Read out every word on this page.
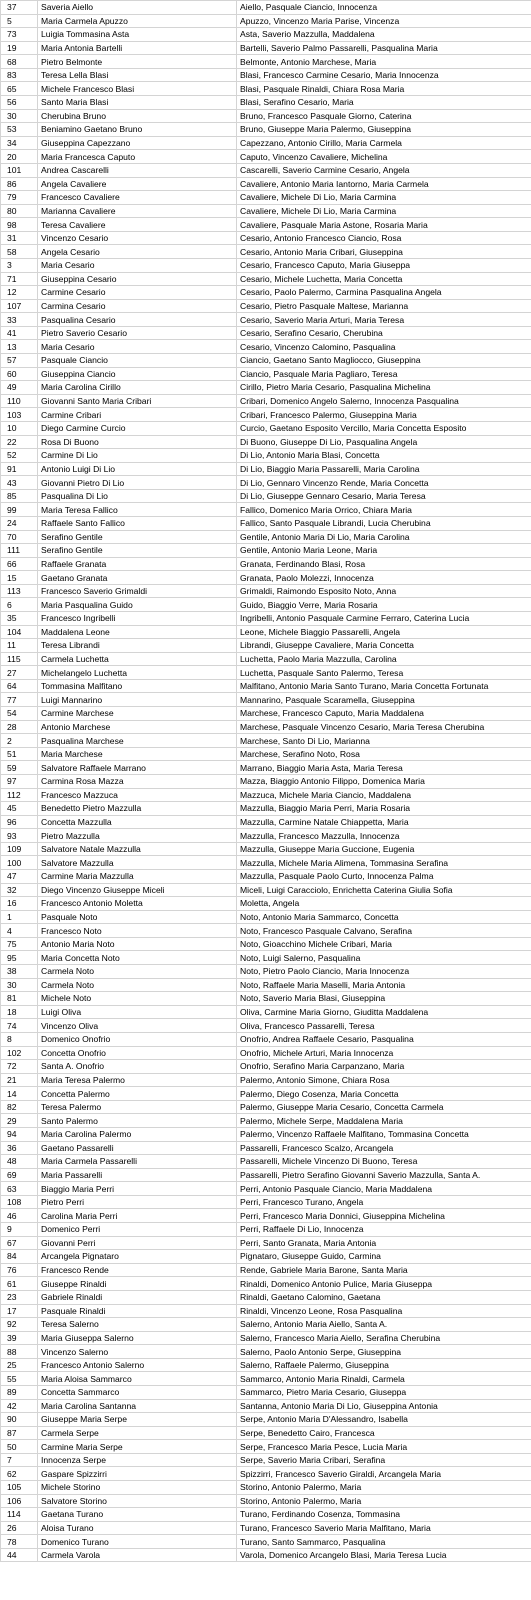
37	Saveria Aiello	Aiello, Pasquale Ciancio, Innocenza
5	Maria Carmela Apuzzo	Apuzzo, Vincenzo Maria Parise, Vincenza
73	Luigia Tommasina Asta	Asta, Saverio Mazzulla, Maddalena
19	Maria Antonia Bartelli	Bartelli, Saverio Palmo Passarelli, Pasqualina Maria
68	Pietro Belmonte	Belmonte, Antonio Marchese, Maria
83	Teresa Lella Blasi	Blasi, Francesco Carmine Cesario, Maria Innocenza
65	Michele Francesco Blasi	Blasi, Pasquale Rinaldi, Chiara Rosa Maria
56	Santo Maria Blasi	Blasi, Serafino Cesario, Maria
30	Cherubina Bruno	Bruno, Francesco Pasquale Giorno, Caterina
53	Beniamino Gaetano Bruno	Bruno, Giuseppe Maria Palermo, Giuseppina
34	Giuseppina Capezzano	Capezzano, Antonio Cirillo, Maria Carmela
20	Maria Francesca Caputo	Caputo, Vincenzo Cavaliere, Michelina
101	Andrea Cascarelli	Cascarelli, Saverio Carmine Cesario, Angela
86	Angela Cavaliere	Cavaliere, Antonio Maria Iantorno, Maria Carmela
79	Francesco Cavaliere	Cavaliere, Michele Di Lio, Maria Carmina
80	Marianna Cavaliere	Cavaliere, Michele Di Lio, Maria Carmina
98	Teresa Cavaliere	Cavaliere, Pasquale Maria Astone, Rosaria Maria
31	Vincenzo Cesario	Cesario, Antonio Francesco Ciancio, Rosa
58	Angela Cesario	Cesario, Antonio Maria Cribari, Giuseppina
3	Maria Cesario	Cesario, Francesco Caputo, Maria Giuseppa
71	Giuseppina Cesario	Cesario, Michele Luchetta, Maria Concetta
12	Carmine Cesario	Cesario, Paolo Palermo, Carmina Pasqualina Angela
107	Carmina Cesario	Cesario, Pietro Pasquale Maltese, Marianna
33	Pasqualina Cesario	Cesario, Saverio Maria Arturi, Maria Teresa
41	Pietro Saverio Cesario	Cesario, Serafino Cesario, Cherubina
13	Maria Cesario	Cesario, Vincenzo Calomino, Pasqualina
57	Pasquale Ciancio	Ciancio, Gaetano Santo Magliocco, Giuseppina
60	Giuseppina Ciancio	Ciancio, Pasquale Maria Pagliaro, Teresa
49	Maria Carolina Cirillo	Cirillo, Pietro Maria Cesario, Pasqualina Michelina
110	Giovanni Santo Maria Cribari	Cribari, Domenico Angelo Salerno, Innocenza Pasqualina
103	Carmine Cribari	Cribari, Francesco Palermo, Giuseppina Maria
10	Diego Carmine Curcio	Curcio, Gaetano Esposito Vercillo, Maria Concetta Esposito
22	Rosa Di Buono	Di Buono, Giuseppe Di Lio, Pasqualina Angela
52	Carmine Di Lio	Di Lio, Antonio Maria Blasi, Concetta
91	Antonio Luigi Di Lio	Di Lio, Biaggio Maria Passarelli, Maria Carolina
43	Giovanni Pietro Di Lio	Di Lio, Gennaro Vincenzo Rende, Maria Concetta
85	Pasqualina Di Lio	Di Lio, Giuseppe Gennaro Cesario, Maria Teresa
99	Maria Teresa Fallico	Fallico, Domenico Maria Orrico, Chiara Maria
24	Raffaele Santo Fallico	Fallico, Santo Pasquale Librandi, Lucia Cherubina
70	Serafino Gentile	Gentile, Antonio Maria Di Lio, Maria Carolina
111	Serafino Gentile	Gentile, Antonio Maria Leone, Maria
66	Raffaele Granata	Granata, Ferdinando Blasi, Rosa
15	Gaetano Granata	Granata, Paolo Molezzi, Innocenza
113	Francesco Saverio Grimaldi	Grimaldi, Raimondo Esposito Noto, Anna
6	Maria Pasqualina Guido	Guido, Biaggio Verre, Maria Rosaria
35	Francesco Ingribelli	Ingribelli, Antonio Pasquale Carmine Ferraro, Caterina Lucia
104	Maddalena Leone	Leone, Michele Biaggio Passarelli, Angela
11	Teresa Librandi	Librandi, Giuseppe Cavaliere, Maria Concetta
115	Carmela Luchetta	Luchetta, Paolo Maria Mazzulla, Carolina
27	Michelangelo Luchetta	Luchetta, Pasquale Santo Palermo, Teresa
64	Tommasina Malfitano	Malfitano, Antonio Maria Santo Turano, Maria Concetta Fortunata
77	Luigi Mannarino	Mannarino, Pasquale Scaramella, Giuseppina
54	Carmine Marchese	Marchese, Francesco Caputo, Maria Maddalena
28	Antonio Marchese	Marchese, Pasquale Vincenzo Cesario, Maria Teresa Cherubina
2	Pasqualina Marchese	Marchese, Santo Di Lio, Marianna
51	Maria Marchese	Marchese, Serafino Noto, Rosa
59	Salvatore Raffaele Marrano	Marrano, Biaggio Maria Asta, Maria Teresa
97	Carmina Rosa Mazza	Mazza, Biaggio Antonio Filippo, Domenica Maria
112	Francesco Mazzuca	Mazzuca, Michele Maria Ciancio, Maddalena
45	Benedetto Pietro Mazzulla	Mazzulla, Biaggio Maria Perri, Maria Rosaria
96	Concetta Mazzulla	Mazzulla, Carmine Natale Chiappetta, Maria
93	Pietro Mazzulla	Mazzulla, Francesco Mazzulla, Innocenza
109	Salvatore Natale Mazzulla	Mazzulla, Giuseppe Maria Guccione, Eugenia
100	Salvatore Mazzulla	Mazzulla, Michele Maria Alimena, Tommasina Serafina
47	Carmine Maria Mazzulla	Mazzulla, Pasquale Paolo Curto, Innocenza Palma
32	Diego Vincenzo Giuseppe Miceli	Miceli, Luigi Caracciolo, Enrichetta Caterina Giulia Sofia
16	Francesco Antonio Moletta	Moletta, Angela
1	Pasquale Noto	Noto, Antonio Maria Sammarco, Concetta
4	Francesco Noto	Noto, Francesco Pasquale Calvano, Serafina
75	Antonio Maria Noto	Noto, Gioacchino Michele Cribari, Maria
95	Maria Concetta Noto	Noto, Luigi Salerno, Pasqualina
38	Carmela Noto	Noto, Pietro Paolo Ciancio, Maria Innocenza
30	Carmela Noto	Noto, Raffaele Maria Maselli, Maria Antonia
81	Michele Noto	Noto, Saverio Maria Blasi, Giuseppina
18	Luigi Oliva	Oliva, Carmine Maria Giorno, Giuditta Maddalena
74	Vincenzo Oliva	Oliva, Francesco Passarelli, Teresa
8	Domenico Onofrio	Onofrio, Andrea Raffaele Cesario, Pasqualina
102	Concetta Onofrio	Onofrio, Michele Arturi, Maria Innocenza
72	Santa A. Onofrio	Onofrio, Serafino Maria Carpanzano, Maria
21	Maria Teresa Palermo	Palermo, Antonio Simone, Chiara Rosa
14	Concetta Palermo	Palermo, Diego Cosenza, Maria Concetta
82	Teresa Palermo	Palermo, Giuseppe Maria Cesario, Concetta Carmela
29	Santo Palermo	Palermo, Michele Serpe, Maddalena Maria
94	Maria Carolina Palermo	Palermo, Vincenzo Raffaele Malfitano, Tommasina Concetta
36	Gaetano Passarelli	Passarelli, Francesco Scalzo, Arcangela
48	Maria Carmela Passarelli	Passarelli, Michele Vincenzo Di Buono, Teresa
69	Maria Passarelli	Passarelli, Pietro Serafino Giovanni Saverio Mazzulla, Santa A.
63	Biaggio Maria Perri	Perri, Antonio Pasquale Ciancio, Maria Maddalena
108	Pietro Perri	Perri, Francesco Turano, Angela
46	Carolina Maria Perri	Perri, Francesco Maria Donnici, Giuseppina Michelina
9	Domenico Perri	Perri, Raffaele Di Lio, Innocenza
67	Giovanni Perri	Perri, Santo Granata, Maria Antonia
84	Arcangela Pignataro	Pignataro, Giuseppe Guido, Carmina
76	Francesco Rende	Rende, Gabriele Maria Barone, Santa Maria
61	Giuseppe Rinaldi	Rinaldi, Domenico Antonio Pulice, Maria Giuseppa
23	Gabriele Rinaldi	Rinaldi, Gaetano Calomino, Gaetana
17	Pasquale Rinaldi	Rinaldi, Vincenzo Leone, Rosa Pasqualina
92	Teresa Salerno	Salerno, Antonio Maria Aiello, Santa A.
39	Maria Giuseppa Salerno	Salerno, Francesco Maria Aiello, Serafina Cherubina
88	Vincenzo Salerno	Salerno, Paolo Antonio Serpe, Giuseppina
25	Francesco Antonio Salerno	Salerno, Raffaele Palermo, Giuseppina
55	Maria Aloisa Sammarco	Sammarco, Antonio Maria Rinaldi, Carmela
89	Concetta Sammarco	Sammarco, Pietro Maria Cesario, Giuseppa
42	Maria Carolina Santanna	Santanna, Antonio Maria Di Lio, Giuseppina Antonia
90	Giuseppe Maria Serpe	Serpe, Antonio Maria D'Alessandro, Isabella
87	Carmela Serpe	Serpe, Benedetto Cairo, Francesca
50	Carmine Maria Serpe	Serpe, Francesco Maria Pesce, Lucia Maria
7	Innocenza Serpe	Serpe, Saverio Maria Cribari, Serafina
62	Gaspare Spizzirri	Spizzirri, Francesco Saverio Giraldi, Arcangela Maria
105	Michele Storino	Storino, Antonio Palermo, Maria
106	Salvatore Storino	Storino, Antonio Palermo, Maria
114	Gaetana Turano	Turano, Ferdinando Cosenza, Tommasina
26	Aloisa Turano	Turano, Francesco Saverio Maria Malfitano, Maria
78	Domenico Turano	Turano, Santo Sammarco, Pasqualina
44	Carmela Varola	Varola, Domenico Arcangelo Blasi, Maria Teresa Lucia
